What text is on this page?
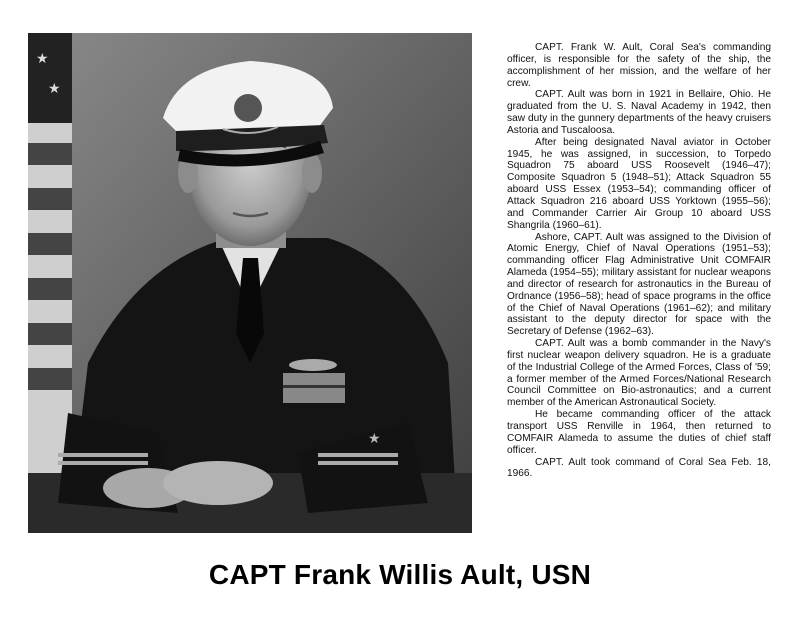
★
★
★

CAPT. Frank W. Ault, Coral Sea's commanding officer, is responsible for the safety of the ship, the accomplishment of her mission, and the welfare of her crew.

CAPT. Ault was born in 1921 in Bellaire, Ohio. He graduated from the U. S. Naval Academy in 1942, then saw duty in the gunnery departments of the heavy cruisers Astoria and Tuscaloosa.

After being designated Naval aviator in October 1945, he was assigned, in succession, to Torpedo Squadron 75 aboard USS Roosevelt (1946–47); Composite Squadron 5 (1948–51); Attack Squadron 55 aboard USS Essex (1953–54); commanding officer of Attack Squadron 216 aboard USS Yorktown (1955–56); and Commander Carrier Air Group 10 aboard USS Shangrila (1960–61).

Ashore, CAPT. Ault was assigned to the Division of Atomic Energy, Chief of Naval Operations (1951–53); commanding officer Flag Administrative Unit COMFAIR Alameda (1954–55); military assistant for nuclear weapons and director of research for astronautics in the Bureau of Ordnance (1956–58); head of space programs in the office of the Chief of Naval Operations (1961–62); and military assistant to the deputy director for space with the Secretary of Defense (1962–63).

CAPT. Ault was a bomb commander in the Navy's first nuclear weapon delivery squadron. He is a graduate of the Industrial College of the Armed Forces, Class of '59; a former member of the Armed Forces/National Research Council Committee on Bio-astronautics; and a current member of the American Astronautical Society.

He became commanding officer of the attack transport USS Renville in 1964, then returned to COMFAIR Alameda to assume the duties of chief staff officer.

CAPT. Ault took command of Coral Sea Feb. 18, 1966.

CAPT Frank Willis Ault, USN
